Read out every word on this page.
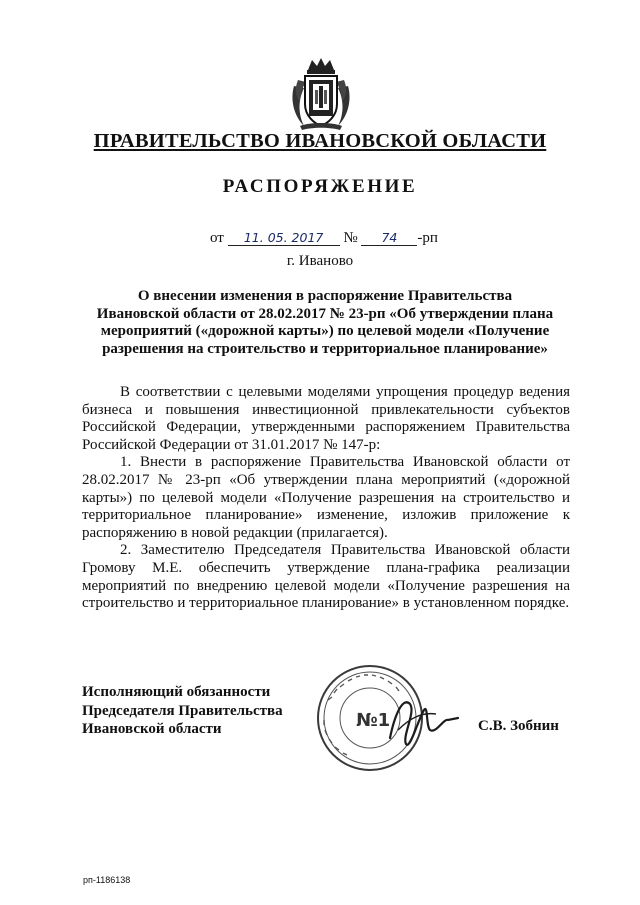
ПРАВИТЕЛЬСТВО ИВАНОВСКОЙ ОБЛАСТИ
РАСПОРЯЖЕНИЕ
от 11. 05. 2017 № 74 -рп
г. Иваново
О внесении изменения в распоряжение Правительства
Ивановской области от 28.02.2017 № 23-рп «Об утверждении плана
мероприятий («дорожной карты») по целевой модели «Получение
разрешения на строительство и территориальное планирование»

В соответствии с целевыми моделями упрощения процедур ведения бизнеса и повышения инвестиционной привлекательности субъектов Российской Федерации, утвержденными распоряжением Правительства Российской Федерации от 31.01.2017 № 147-р:

1. Внести в распоряжение Правительства Ивановской области от 28.02.2017 № 23-рп «Об утверждении плана мероприятий («дорожной карты») по целевой модели «Получение разрешения на строительство и территориальное планирование» изменение, изложив приложение к распоряжению в новой редакции (прилагается).

2. Заместителю Председателя Правительства Ивановской области Громову М.Е. обеспечить утверждение плана-графика реализации мероприятий по внедрению целевой модели «Получение разрешения на строительство и территориальное планирование» в установленном порядке.

Исполняющий обязанности
Председателя Правительства
Ивановской области	№1	С.В. Зобнин
рп-1186138
